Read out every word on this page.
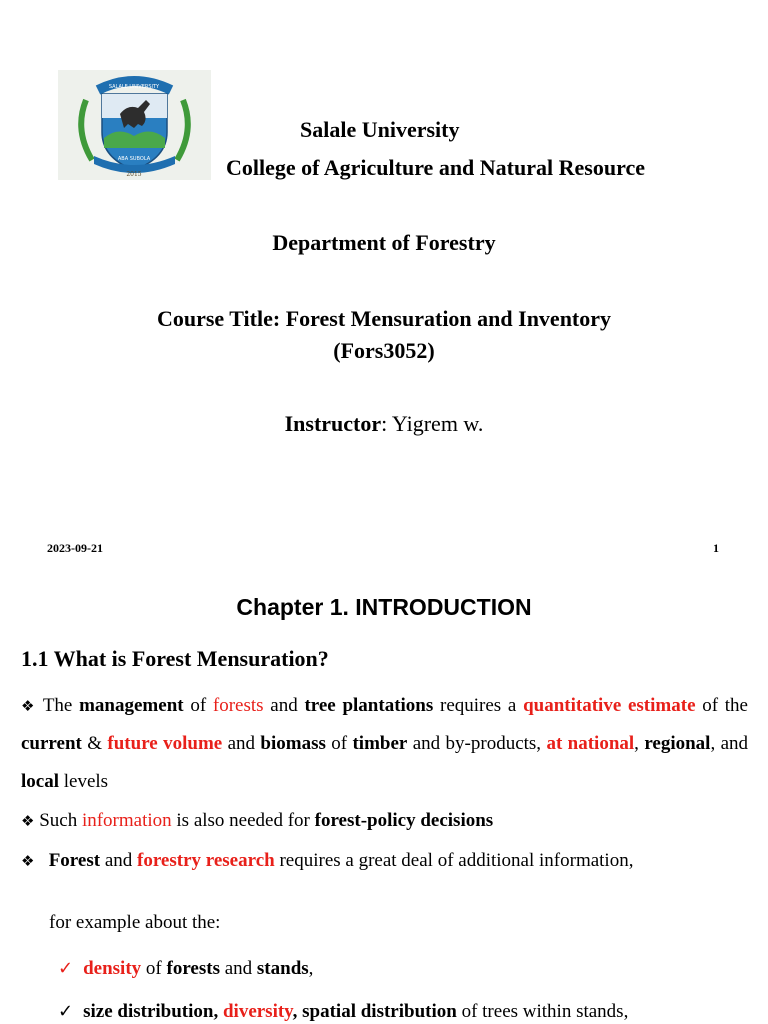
SALALE UNIVERSITY
ABA SUBOLA
2015
Salale University
College of Agriculture and Natural Resource
Department of Forestry
Course Title: Forest Mensuration and Inventory
(Fors3052)
Instructor: Yigrem w.
2023-09-21	1
Chapter 1. INTRODUCTION
1.1 What is Forest Mensuration?
❖ The management of forests and tree plantations requires a quantitative estimate of the current & future volume and biomass of timber and by-products, at national, regional, and local levels
❖ Such information is also needed for forest-policy decisions
❖ Forest and forestry research requires a great deal of additional information,
for example about the:
✓ density of forests and stands,
✓ size distribution, diversity, spatial distribution of trees within stands,
